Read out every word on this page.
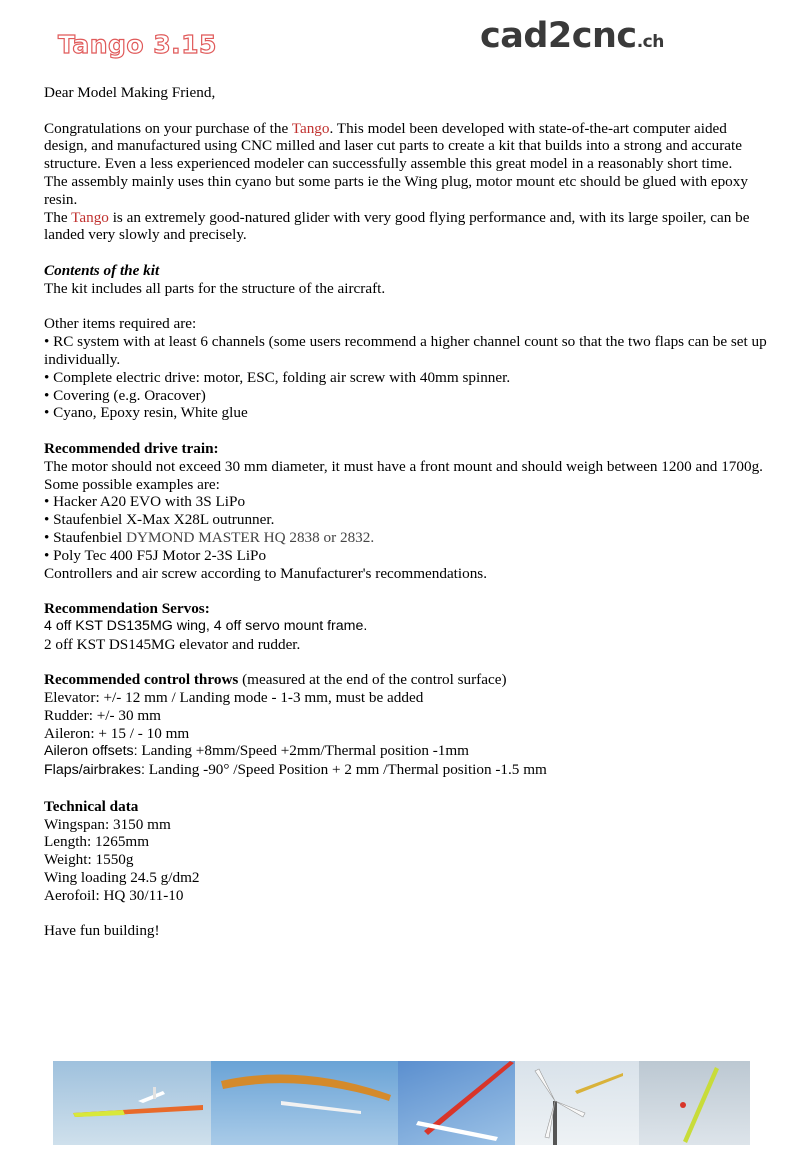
Tango 3.15	cad2cnc.ch

Dear Model Making Friend,

Congratulations on your purchase of the Tango. This model been developed with state-of-the-art computer aided design, and manufactured using CNC milled and laser cut parts to create a kit that builds into a strong and accurate structure. Even a less experienced modeler can successfully assemble this great model in a reasonably short time.

The assembly mainly uses thin cyano but some parts ie the Wing plug, motor mount etc should be glued with epoxy resin.

The Tango is an extremely good-natured glider with very good flying performance and, with its large spoiler, can be landed very slowly and precisely.

Contents of the kit

The kit includes all parts for the structure of the aircraft.

Other items required are:

• RC system with at least 6 channels (some users recommend a higher channel count so that the two flaps can be set up individually.

• Complete electric drive: motor, ESC, folding air screw with 40mm spinner.

• Covering (e.g. Oracover)

• Cyano, Epoxy resin, White glue

Recommended drive train:

The motor should not exceed 30 mm diameter, it must have a front mount and should weigh between 1200 and 1700g.

Some possible examples are:

• Hacker A20 EVO with 3S LiPo

• Staufenbiel X-Max X28L outrunner.

• Staufenbiel DYMOND MASTER HQ 2838 or 2832.

• Poly Tec 400 F5J Motor 2-3S LiPo

Controllers and air screw according to Manufacturer's recommendations.

Recommendation Servos:

4 off KST DS135MG wing, 4 off servo mount frame.

2 off KST DS145MG elevator and rudder.

Recommended control throws (measured at the end of the control surface)

Elevator: +/- 12 mm / Landing mode - 1-3 mm, must be added

Rudder: +/- 30 mm

Aileron: + 15 / - 10 mm

Aileron offsets: Landing +8mm/Speed +2mm/Thermal position -1mm

Flaps/airbrakes: Landing -90° /Speed Position + 2 mm /Thermal position -1.5 mm

Technical data

Wingspan: 3150 mm

Length: 1265mm

Weight: 1550g

Wing loading 24.5 g/dm2

Aerofoil: HQ 30/11-10

Have fun building!
